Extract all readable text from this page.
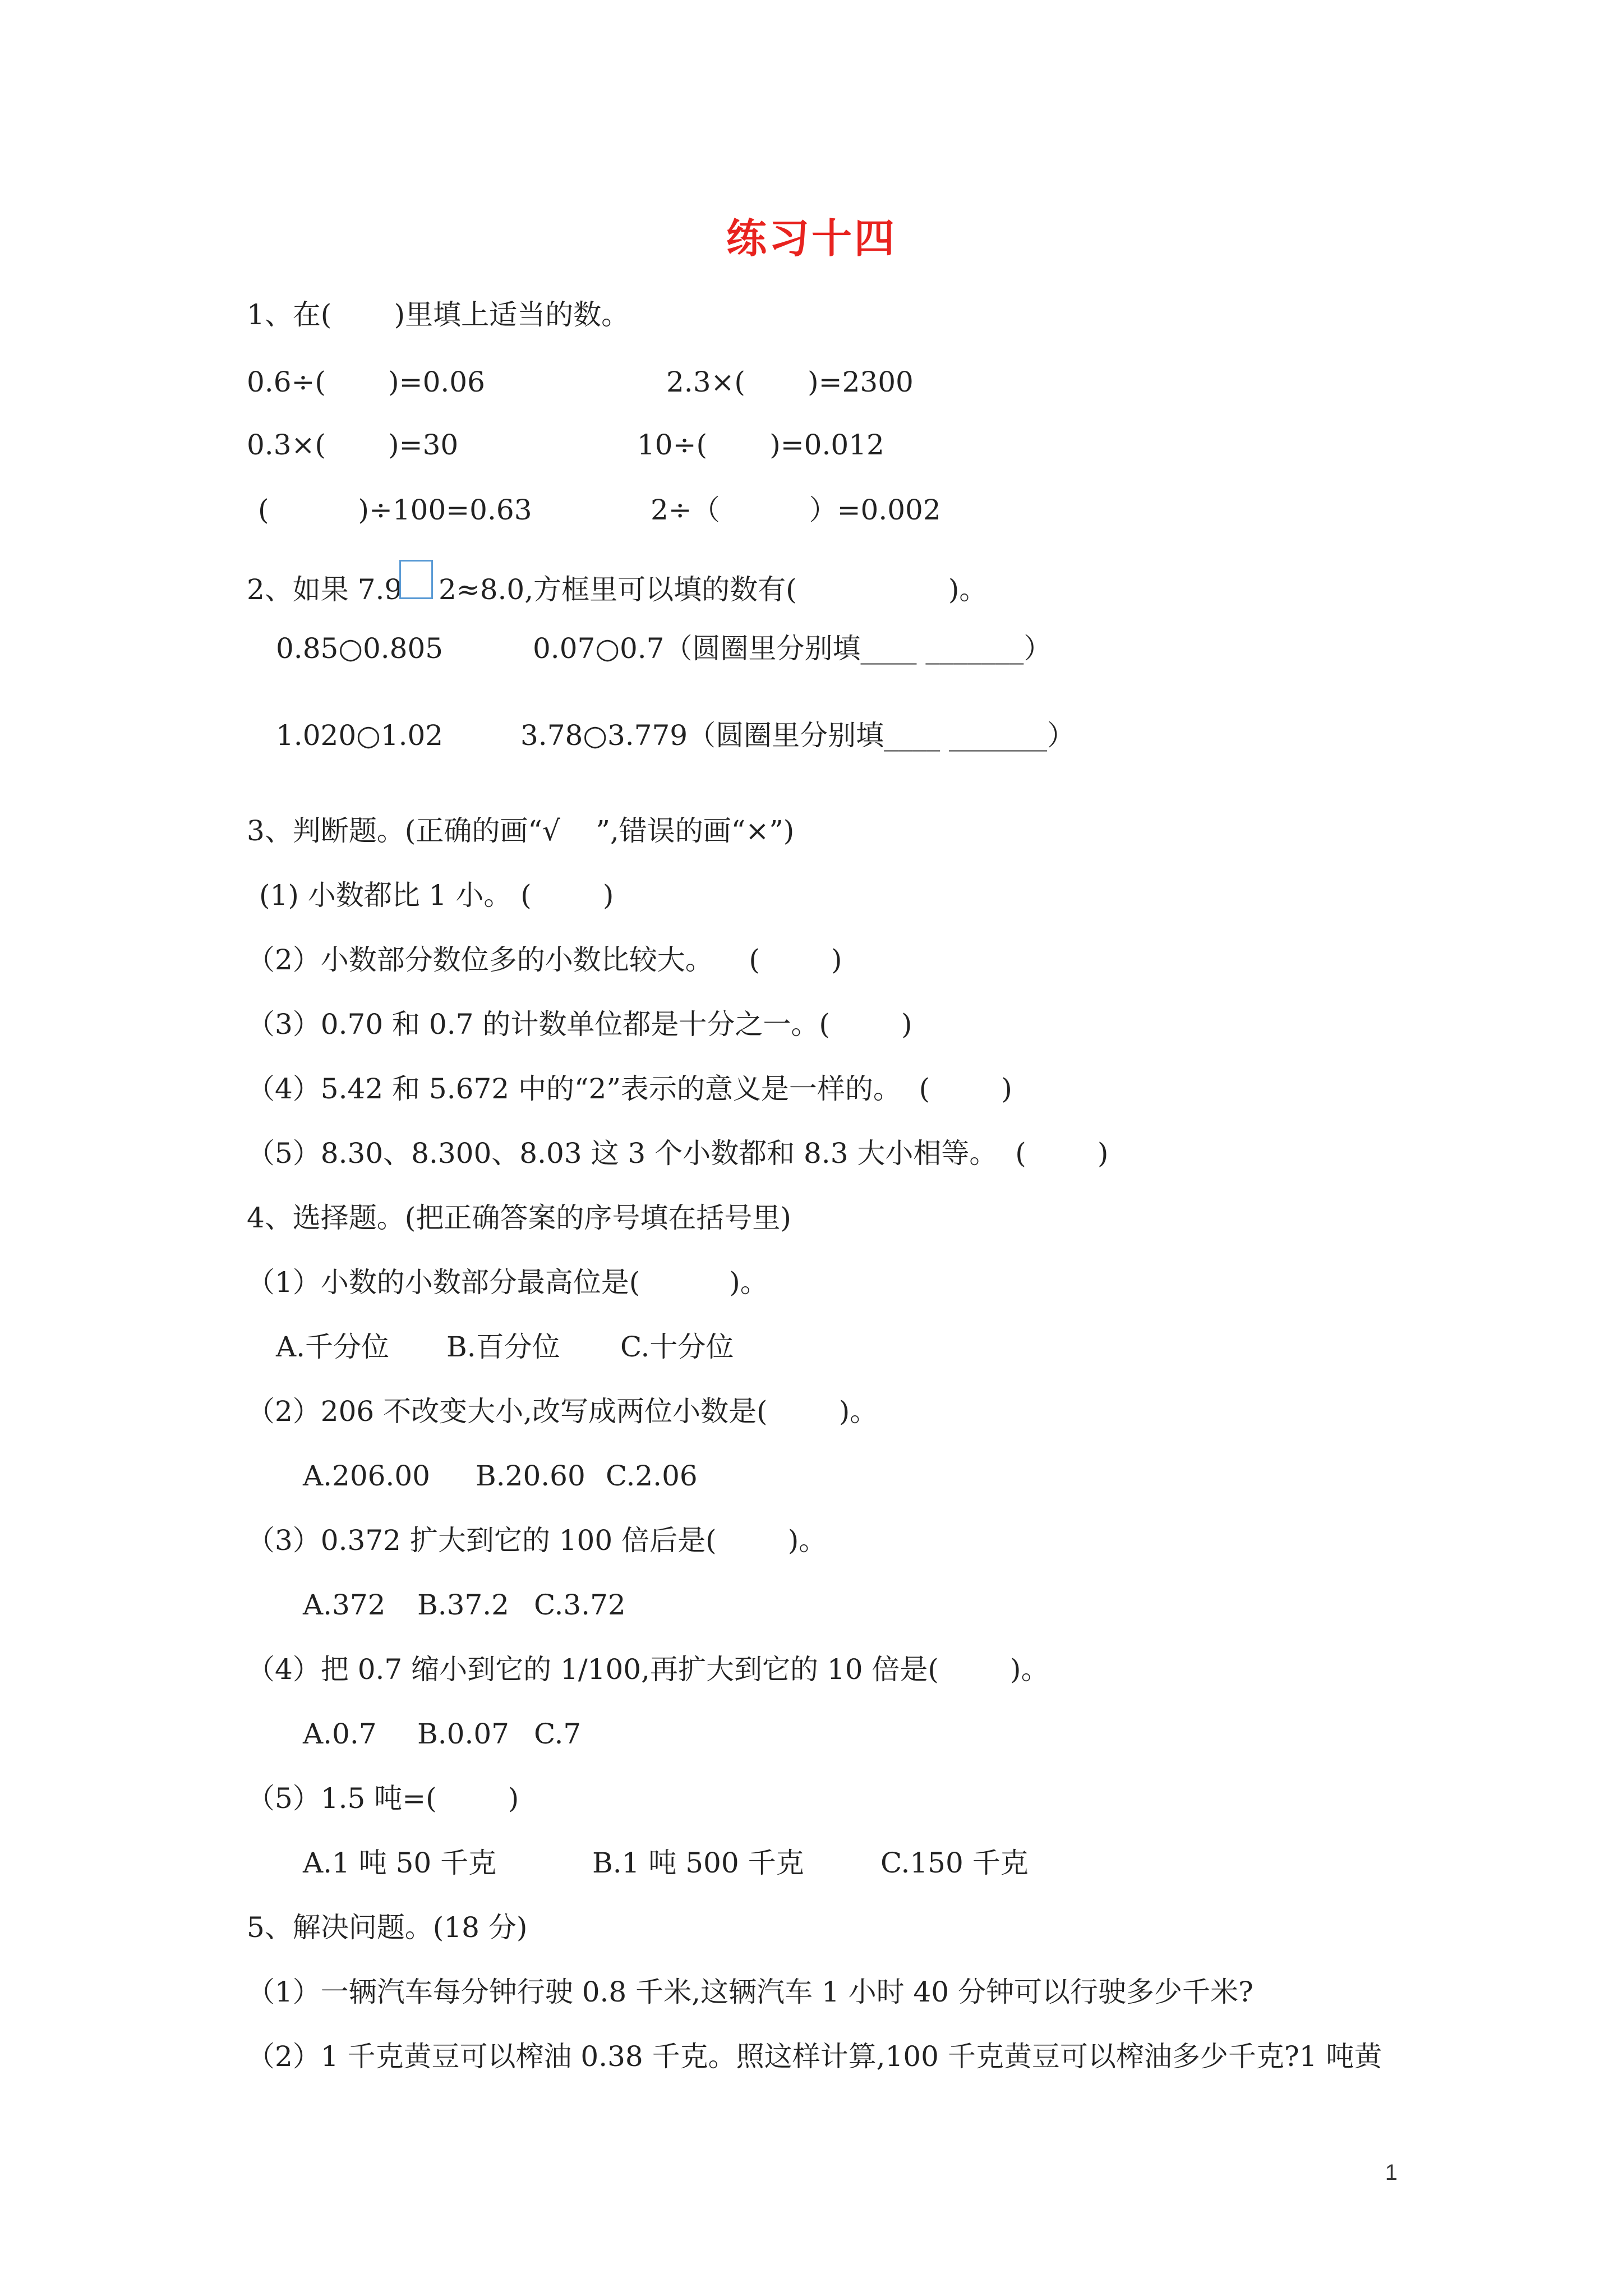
练习十四
1、在(       )里填上适当的数。
0.6÷(       )=0.06	2.3×(       )=2300
0.3×(       )=30	10÷(       )=0.012
(          )÷100=0.63	2÷（          ）=0.002
2、如果 7.9 2≈8.0,方框里可以填的数有(                 )。
0.85○0.805	0.07○0.7（圆圈里分别填____ _______）
1.020○1.02	3.78○3.779（圆圈里分别填____ _______）
3、判断题。(正确的画“√    ”,错误的画“×”)
(1) 小数都比 1 小。 (        )
（2）小数部分数位多的小数比较大。    (        )
（3）0.70 和 0.7 的计数单位都是十分之一。(        )
（4）5.42 和 5.672 中的“2”表示的意义是一样的。  (        )
（5）8.30、8.300、8.03 这 3 个小数都和 8.3 大小相等。  (        )
4、选择题。(把正确答案的序号填在括号里)
（1）小数的小数部分最高位是(          )。
A.千分位 B.百分位 C.十分位
（2）206 不改变大小,改写成两位小数是(        )。
A.206.00 B.20.60 C.2.06
（3）0.372 扩大到它的 100 倍后是(        )。
A.372 B.37.2 C.3.72
（4）把 0.7 缩小到它的 1/100,再扩大到它的 10 倍是(        )。
A.0.7 B.0.07 C.7
（5）1.5 吨=(        )
A.1 吨 50 千克	B.1 吨 500 千克	C.150 千克
5、解决问题。(18 分)
（1）一辆汽车每分钟行驶 0.8 千米,这辆汽车 1 小时 40 分钟可以行驶多少千米?
（2）1 千克黄豆可以榨油 0.38 千克。照这样计算,100 千克黄豆可以榨油多少千克?1 吨黄
1
